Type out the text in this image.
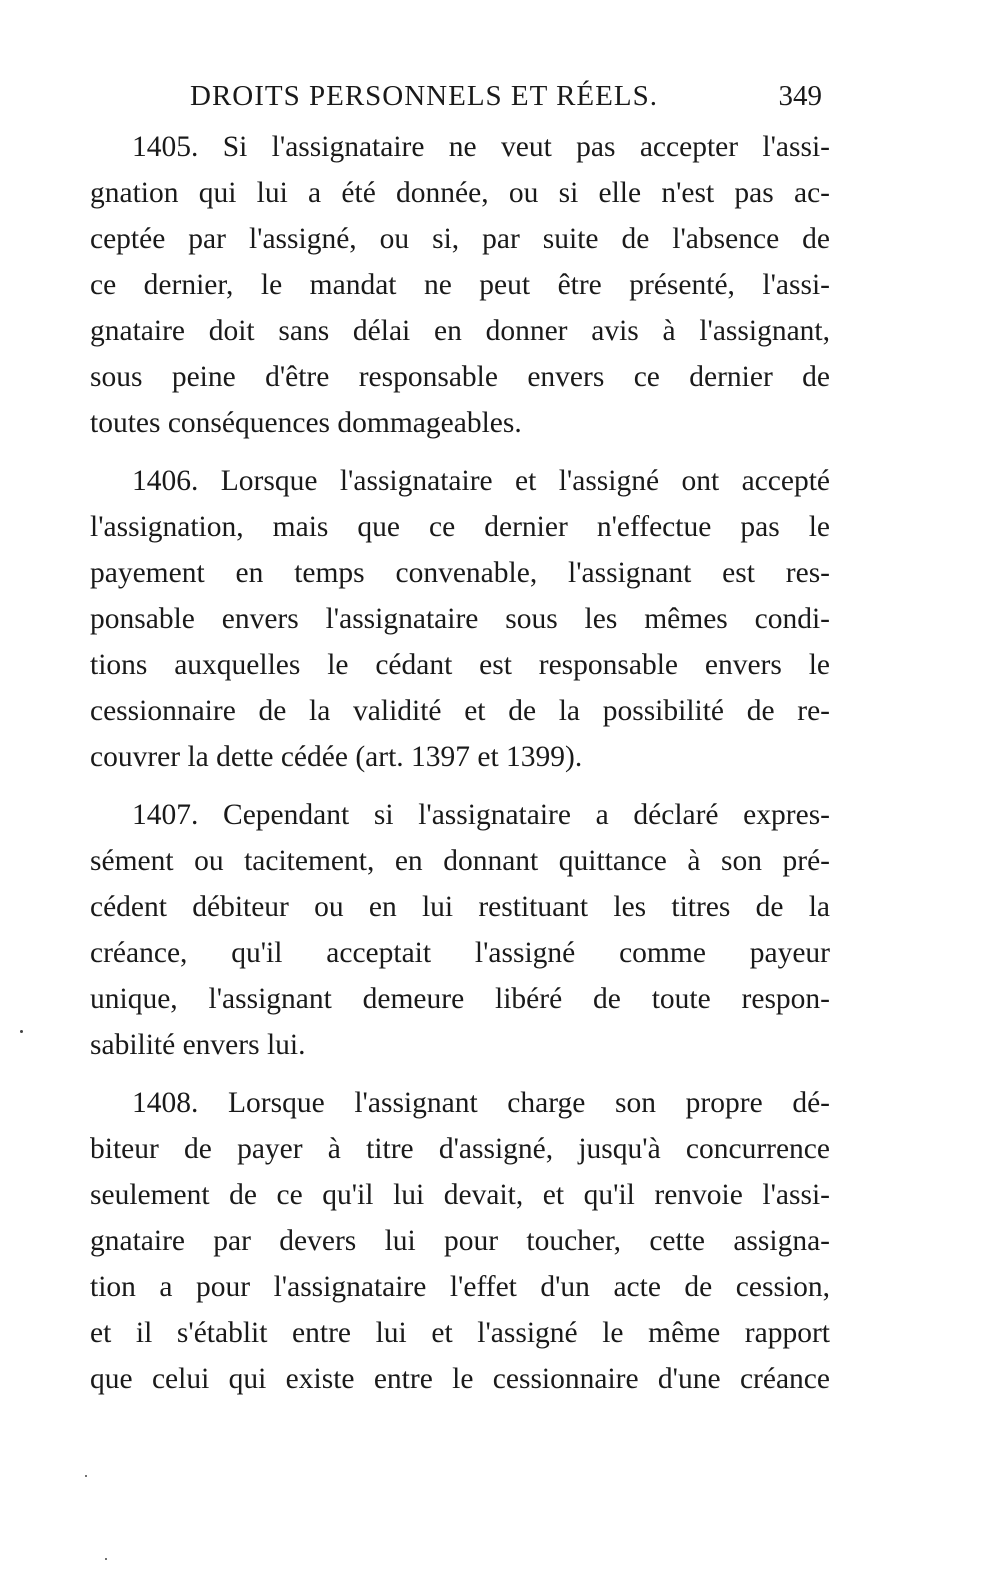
DROITS PERSONNELS ET RÉELS.	349
1405. Si l'assignataire ne veut pas accepter l'assi-
gnation qui lui a été donnée, ou si elle n'est pas ac-
ceptée par l'assigné, ou si, par suite de l'absence de
ce dernier, le mandat ne peut être présenté, l'assi-
gnataire doit sans délai en donner avis à l'assignant,
sous peine d'être responsable envers ce dernier de
toutes conséquences dommageables.
1406. Lorsque l'assignataire et l'assigné ont accepté
l'assignation, mais que ce dernier n'effectue pas le
payement en temps convenable, l'assignant est res-
ponsable envers l'assignataire sous les mêmes condi-
tions auxquelles le cédant est responsable envers le
cessionnaire de la validité et de la possibilité de re-
couvrer la dette cédée (art. 1397 et 1399).
1407. Cependant si l'assignataire a déclaré expres-
sément ou tacitement, en donnant quittance à son pré-
cédent débiteur ou en lui restituant les titres de la
créance, qu'il acceptait l'assigné comme payeur
unique, l'assignant demeure libéré de toute respon-
sabilité envers lui.
1408. Lorsque l'assignant charge son propre dé-
biteur de payer à titre d'assigné, jusqu'à concurrence
seulement de ce qu'il lui devait, et qu'il renvoie l'assi-
gnataire par devers lui pour toucher, cette assigna-
tion a pour l'assignataire l'effet d'un acte de cession,
et il s'établit entre lui et l'assigné le même rapport
que celui qui existe entre le cessionnaire d'une créance
